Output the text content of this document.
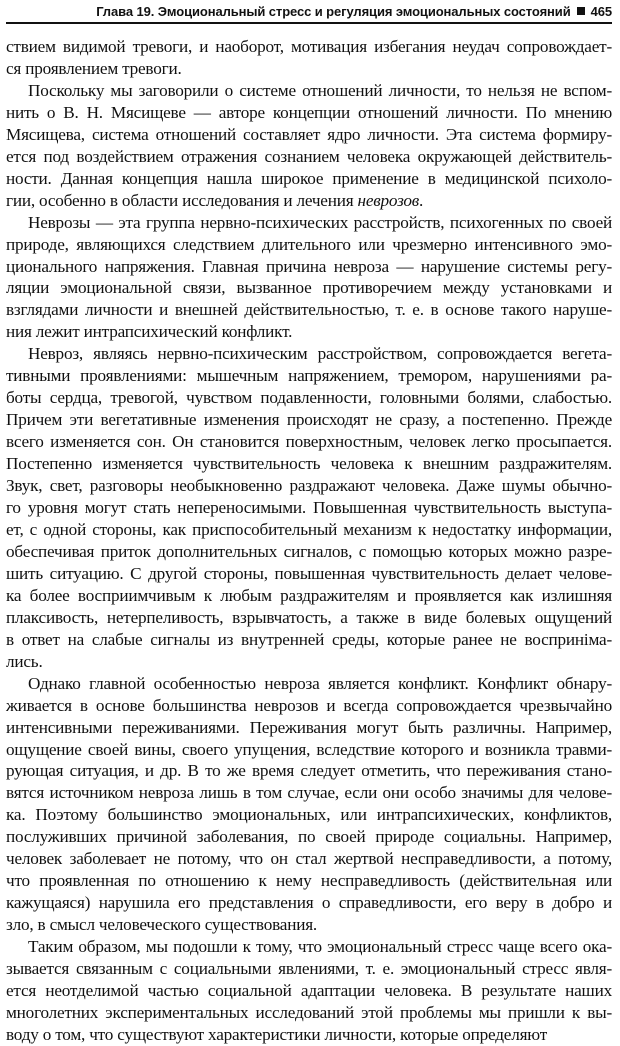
Глава 19. Эмоциональный стресс и регуляция эмоциональных состояний 465
ствием видимой тревоги, и наоборот, мотивация избегания неудач сопровождает-
ся проявлением тревоги.
Поскольку мы заговорили о системе отношений личности, то нельзя не вспом-
нить о В. Н. Мясищеве — авторе концепции отношений личности. По мнению
Мясищева, система отношений составляет ядро личности. Эта система формиру-
ется под воздействием отражения сознанием человека окружающей действитель-
ности. Данная концепция нашла широкое применение в медицинской психоло-
гии, особенно в области исследования и лечения неврозов.
Неврозы — эта группа нервно-психических расстройств, психогенных по своей
природе, являющихся следствием длительного или чрезмерно интенсивного эмо-
ционального напряжения. Главная причина невроза — нарушение системы регу-
ляции эмоциональной связи, вызванное противоречием между установками и
взглядами личности и внешней действительностью, т. е. в основе такого наруше-
ния лежит интрапсихический конфликт.
Невроз, являясь нервно-психическим расстройством, сопровождается вегета-
тивными проявлениями: мышечным напряжением, тремором, нарушениями ра-
боты сердца, тревогой, чувством подавленности, головными болями, слабостью.
Причем эти вегетативные изменения происходят не сразу, а постепенно. Прежде
всего изменяется сон. Он становится поверхностным, человек легко просыпается.
Постепенно изменяется чувствительность человека к внешним раздражителям.
Звук, свет, разговоры необыкновенно раздражают человека. Даже шумы обычно-
го уровня могут стать непереносимыми. Повышенная чувствительность выступа-
ет, с одной стороны, как приспособительный механизм к недостатку информации,
обеспечивая приток дополнительных сигналов, с помощью которых можно разре-
шить ситуацию. С другой стороны, повышенная чувствительность делает челове-
ка более восприимчивым к любым раздражителям и проявляется как излишняя
плаксивость, нетерпеливость, взрывчатость, а также в виде болевых ощущений
в ответ на слабые сигналы из внутренней среды, которые ранее не восприніма-
лись.
Однако главной особенностью невроза является конфликт. Конфликт обнару-
живается в основе большинства неврозов и всегда сопровождается чрезвычайно
интенсивными переживаниями. Переживания могут быть различны. Например,
ощущение своей вины, своего упущения, вследствие которого и возникла травми-
рующая ситуация, и др. В то же время следует отметить, что переживания стано-
вятся источником невроза лишь в том случае, если они особо значимы для челове-
ка. Поэтому большинство эмоциональных, или интрапсихических, конфликтов,
послуживших причиной заболевания, по своей природе социальны. Например,
человек заболевает не потому, что он стал жертвой несправедливости, а потому,
что проявленная по отношению к нему несправедливость (действительная или
кажущаяся) нарушила его представления о справедливости, его веру в добро и
зло, в смысл человеческого существования.
Таким образом, мы подошли к тому, что эмоциональный стресс чаще всего ока-
зывается связанным с социальными явлениями, т. е. эмоциональный стресс явля-
ется неотделимой частью социальной адаптации человека. В результате наших
многолетних экспериментальных исследований этой проблемы мы пришли к вы-
воду о том, что существуют характеристики личности, которые определяют
